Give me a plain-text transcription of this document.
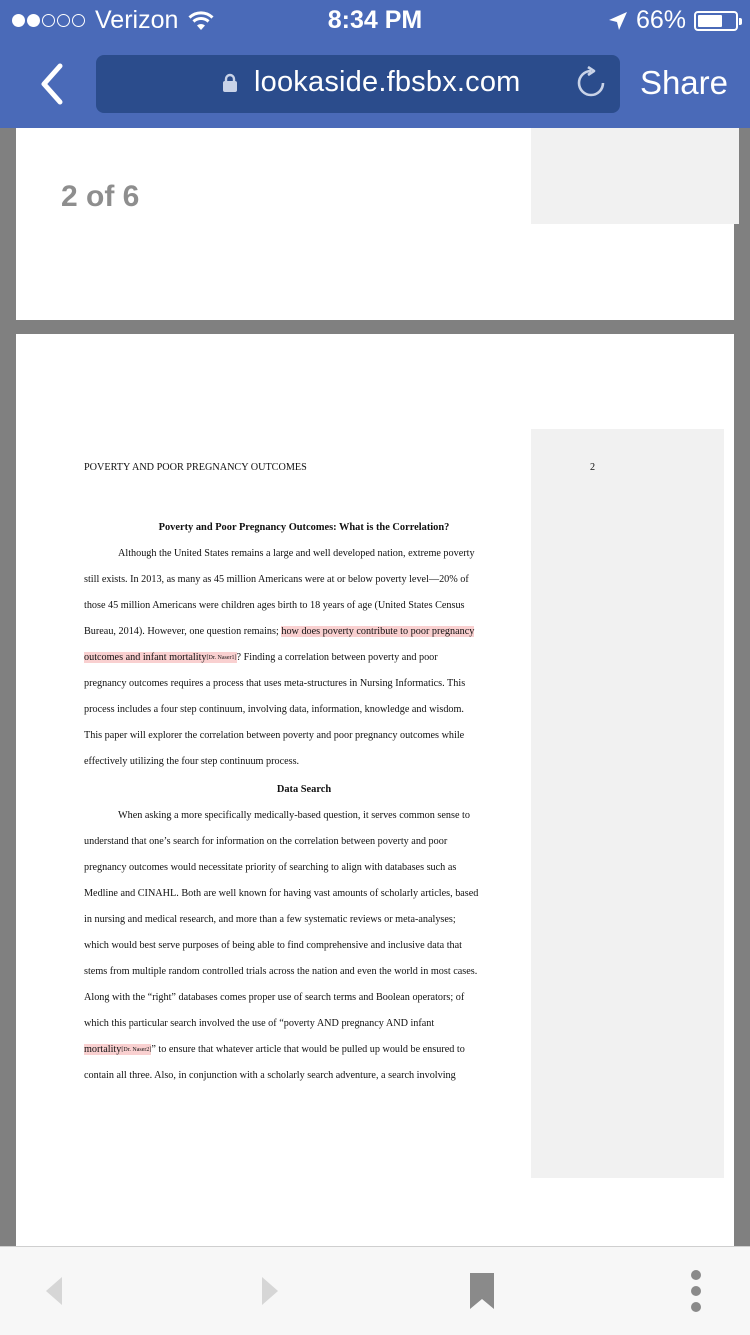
Verizon	8:34 PM	66%
lookaside.fbsbx.com	Share
2 of 6
POVERTY AND POOR PREGNANCY OUTCOMES	2
Poverty and Poor Pregnancy Outcomes: What is the Correlation?
Although the United States remains a large and well developed nation, extreme poverty
still exists. In 2013, as many as 45 million Americans were at or below poverty level—20% of
those 45 million Americans were children ages birth to 18 years of age (United States Census
Bureau, 2014). However, one question remains; how does poverty contribute to poor pregnancy
outcomes and infant mortality[Dr. Naser1]? Finding a correlation between poverty and poor
pregnancy outcomes requires a process that uses meta-structures in Nursing Informatics. This
process includes a four step continuum, involving data, information, knowledge and wisdom.
This paper will explorer the correlation between poverty and poor pregnancy outcomes while
effectively utilizing the four step continuum process.
Data Search
When asking a more specifically medically-based question, it serves common sense to
understand that one’s search for information on the correlation between poverty and poor
pregnancy outcomes would necessitate priority of searching to align with databases such as
Medline and CINAHL. Both are well known for having vast amounts of scholarly articles, based
in nursing and medical research, and more than a few systematic reviews or meta-analyses;
which would best serve purposes of being able to find comprehensive and inclusive data that
stems from multiple random controlled trials across the nation and even the world in most cases.
Along with the “right” databases comes proper use of search terms and Boolean operators; of
which this particular search involved the use of “poverty AND pregnancy AND infant
mortality[Dr. Naser2]” to ensure that whatever article that would be pulled up would be ensured to
contain all three. Also, in conjunction with a scholarly search adventure, a search involving
